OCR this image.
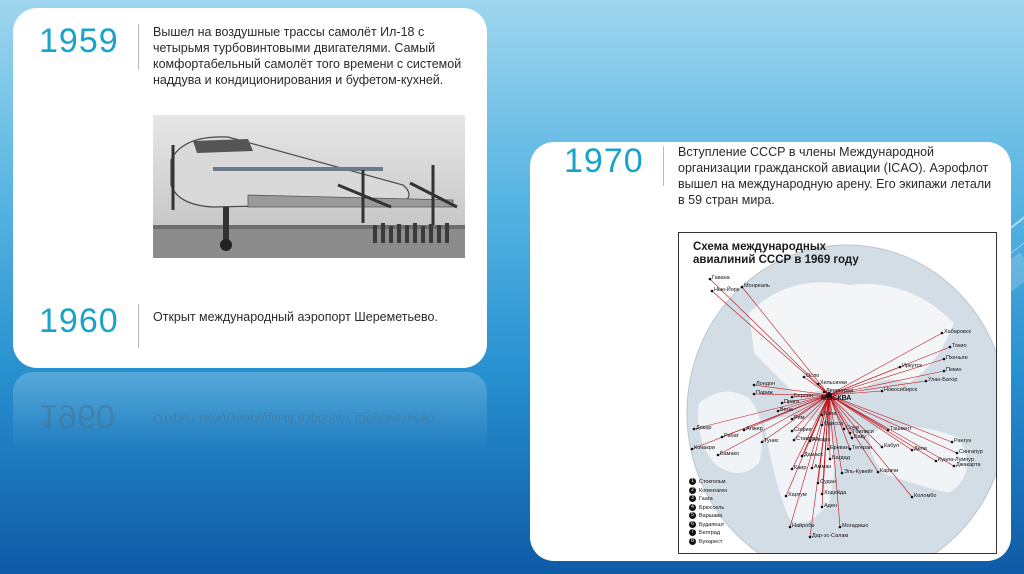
1959	Вышел на воздушные трассы самолёт Ил-18 с
четырьмя турбовинтовыми двигателями. Самый
комфортабельный самолёт того времени с системой
наддува и кондиционирования и буфетом-кухней.
1960	Открыт международный аэропорт Шереметьево.
1960	Открыт международный аэропорт Шереметьево.
1970	Вступление СССР в члены Международной
организации гражданской авиации (ICAO). Аэрофлот
вышел на международную арену. Его экипажи летали
в 59 стран мира.
Схема международных
авиалиний СССР в 1969 году
МОСКВА
Гавана
Нью-Йорк
Монреаль
Хабаровск
Токио
Пхеньян
Пекин
Иркутск
Улан-Батор
Новосибирск
Осло
Хельсинки
Ленинград
Лондон
Париж	Берлин
Прага
Вена
Рим
Киев
Одесса
Рабат
Алжир
Тунис
София
Стамбул
Сочи
Баку
Ташкент
Дакар
Конакри
Бамако
Анкара
Тбилиси
Ереван
Дамаск Багдад
Тегеран Кабул	Дели
Рангун
Сингапур
Куала-Лумпур
Джакарта
Каир Амман
Эль-Кувейт Карачи
Коломбо
Судан
Хартум	Ходейда
Аден
Могадишо
Найроби
Дар-эс-Салам
1 Стокгольм
2 Копенгаген
3 Гаага
4 Брюссель
5 Варшава
6 Будапешт
7 Белград
8 Бухарест
